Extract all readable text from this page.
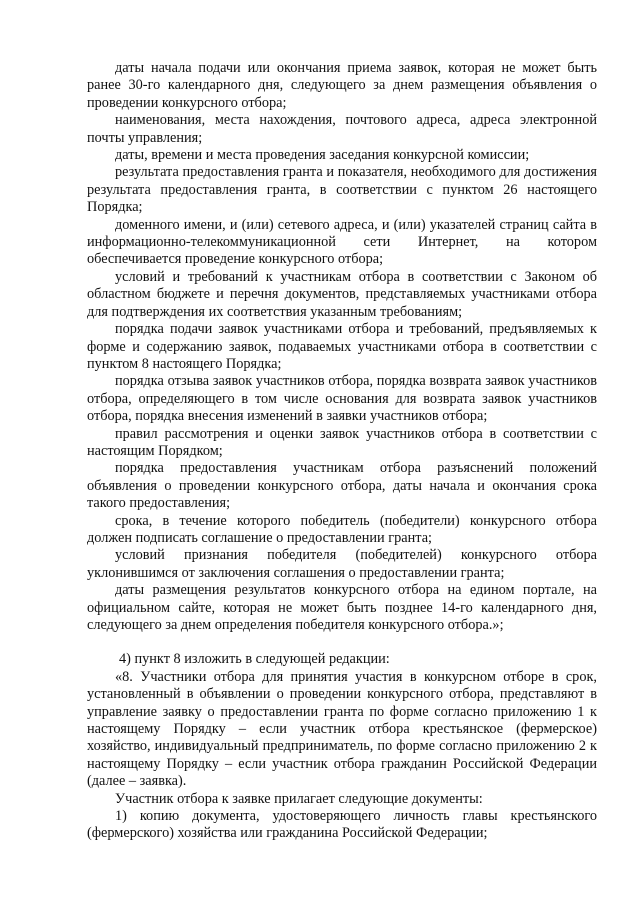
даты начала подачи или окончания приема заявок, которая не может быть ранее 30-го календарного дня, следующего за днем размещения объявления о проведении конкурсного отбора;

наименования, места нахождения, почтового адреса, адреса электронной почты управления;

даты, времени и места проведения заседания конкурсной комиссии;

результата предоставления гранта и показателя, необходимого для достижения результата предоставления гранта, в соответствии с пунктом 26 настоящего Порядка;

доменного имени, и (или) сетевого адреса, и (или) указателей страниц сайта в информационно-телекоммуникационной сети Интернет, на котором обеспечивается проведение конкурсного отбора;

условий и требований к участникам отбора в соответствии с Законом об областном бюджете и перечня документов, представляемых участниками отбора для подтверждения их соответствия указанным требованиям;

порядка подачи заявок участниками отбора и требований, предъявляемых к форме и содержанию заявок, подаваемых участниками отбора в соответствии с пунктом 8 настоящего Порядка;

порядка отзыва заявок участников отбора, порядка возврата заявок участников отбора, определяющего в том числе основания для возврата заявок участников отбора, порядка внесения изменений в заявки участников отбора;

правил рассмотрения и оценки заявок участников отбора в соответствии с настоящим Порядком;

порядка предоставления участникам отбора разъяснений положений объявления о проведении конкурсного отбора, даты начала и окончания срока такого предоставления;

срока, в течение которого победитель (победители) конкурсного отбора должен подписать соглашение о предоставлении гранта;

условий признания победителя (победителей) конкурсного отбора уклонившимся от заключения соглашения о предоставлении гранта;

даты размещения результатов конкурсного отбора на едином портале, на официальном сайте, которая не может быть позднее 14-го календарного дня, следующего за днем определения победителя конкурсного отбора.»;

4) пункт 8 изложить в следующей редакции:

«8. Участники отбора для принятия участия в конкурсном отборе в срок, установленный в объявлении о проведении конкурсного отбора, представляют в управление заявку о предоставлении гранта по форме согласно приложению 1 к настоящему Порядку – если участник отбора крестьянское (фермерское) хозяйство, индивидуальный предприниматель, по форме согласно приложению 2 к настоящему Порядку – если участник отбора гражданин Российской Федерации (далее – заявка).

Участник отбора к заявке прилагает следующие документы:

1) копию документа, удостоверяющего личность главы крестьянского (фермерского) хозяйства или гражданина Российской Федерации;
